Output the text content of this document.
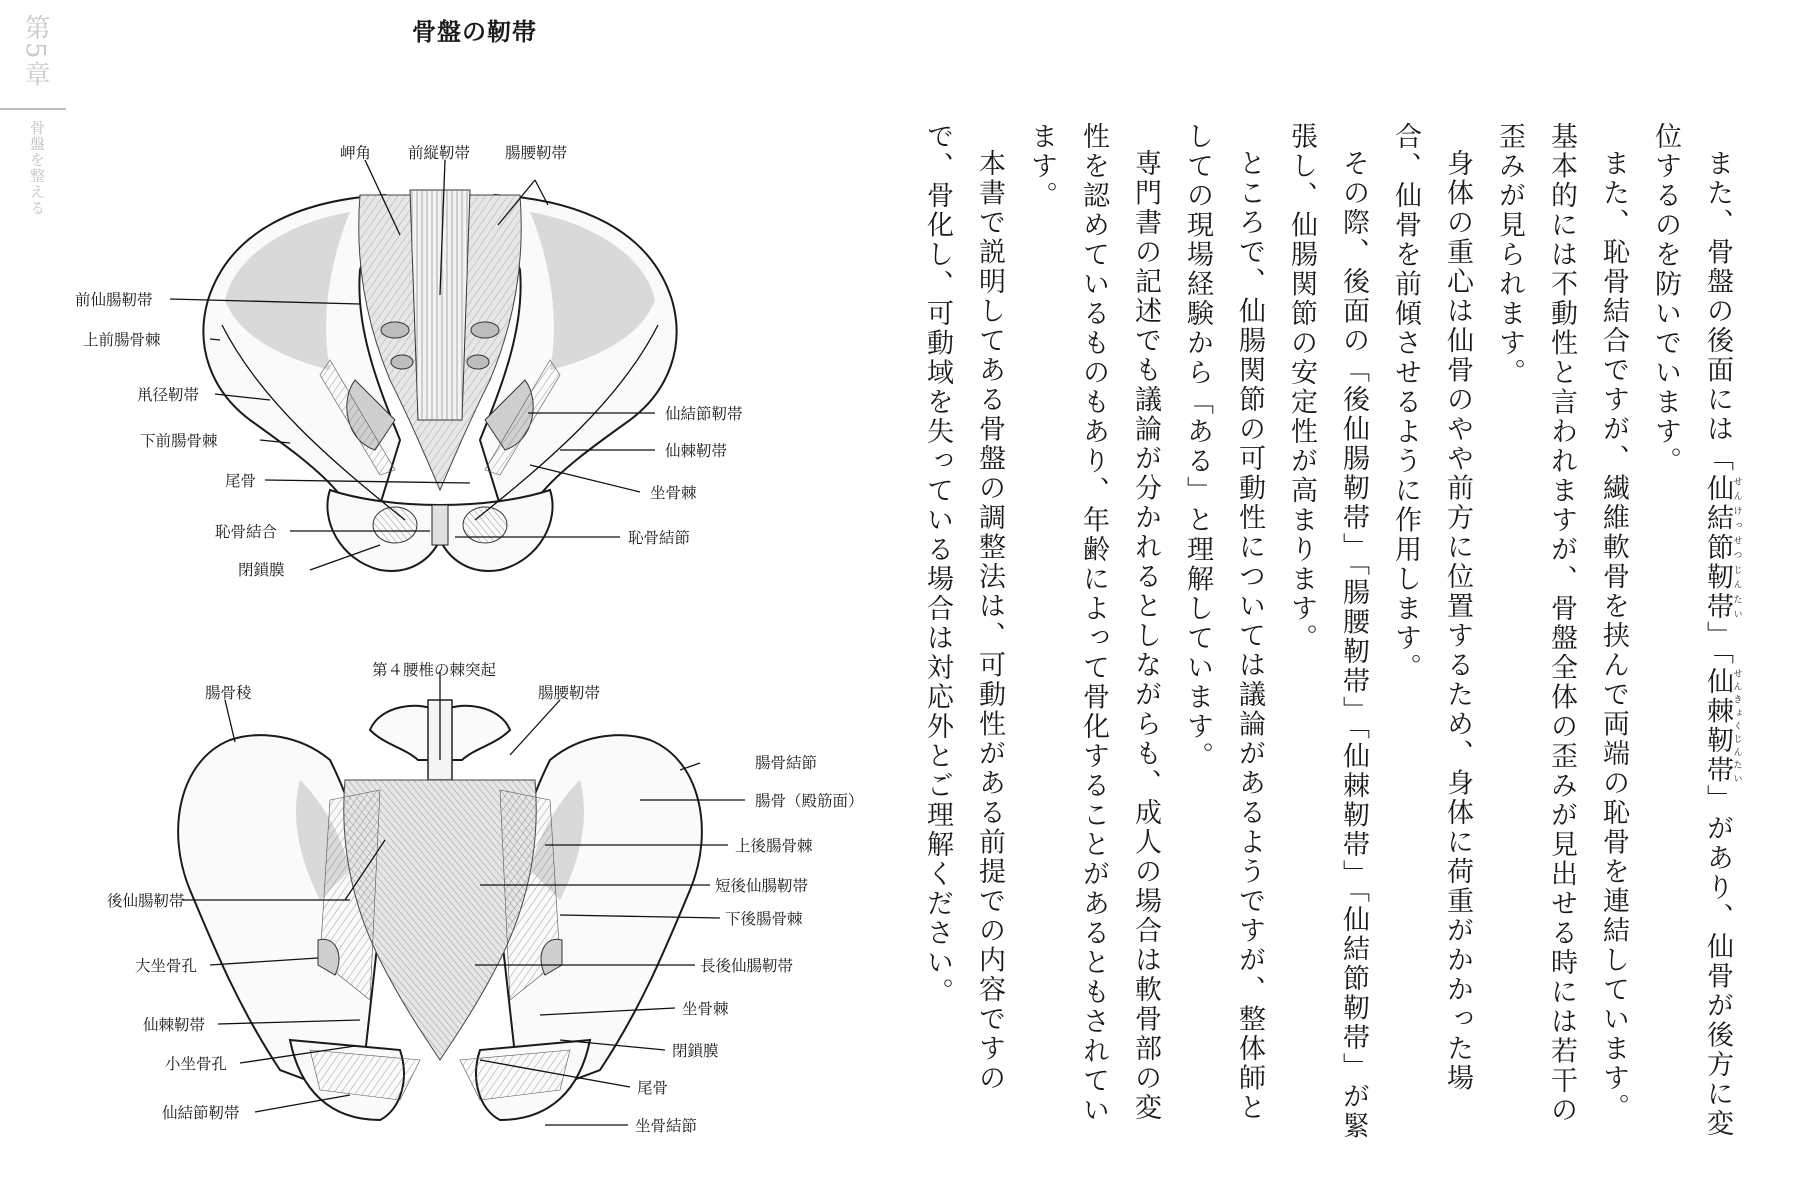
第5章
骨盤を整える
骨盤の靭帯
岬角 前縦靭帯 腸腰靭帯
前仙腸靭帯
上前腸骨棘
鼡径靭帯
下前腸骨棘
尾骨
恥骨結合
閉鎖膜
仙結節靭帯
仙棘靭帯
坐骨棘
恥骨結節
第４腰椎の棘突起
腸骨稜	腸腰靭帯
腸骨結節
腸骨（殿筋面）
上後腸骨棘
後仙腸靭帯
短後仙腸靭帯
下後腸骨棘
大坐骨孔	長後仙腸靭帯
坐骨棘
仙棘靭帯
閉鎖膜
小坐骨孔
尾骨
仙結節靭帯
坐骨結節

また、骨盤の後面には「仙結節靭帯せんけっせつじんたい」「仙棘靭帯せんきょくじんたい」があり、仙骨が後方に変位するのを防いでいます。

また、恥骨結合ですが、繊維軟骨を挟んで両端の恥骨を連結しています。基本的には不動性と言われますが、骨盤全体の歪みが見出せる時には若干の歪みが見られます。

身体の重心は仙骨のやや前方に位置するため、身体に荷重がかかった場合、仙骨を前傾させるように作用します。

その際、後面の「後仙腸靭帯」「腸腰靭帯」「仙棘靭帯」「仙結節靭帯」が緊張し、仙腸関節の安定性が高まります。

ところで、仙腸関節の可動性については議論があるようですが、整体師としての現場経験から「ある」と理解しています。

専門書の記述でも議論が分かれるとしながらも、成人の場合は軟骨部の変性を認めているものもあり、年齢によって骨化することがあるともされています。

本書で説明してある骨盤の調整法は、可動性がある前提での内容ですので、骨化し、可動域を失っている場合は対応外とご理解ください。
